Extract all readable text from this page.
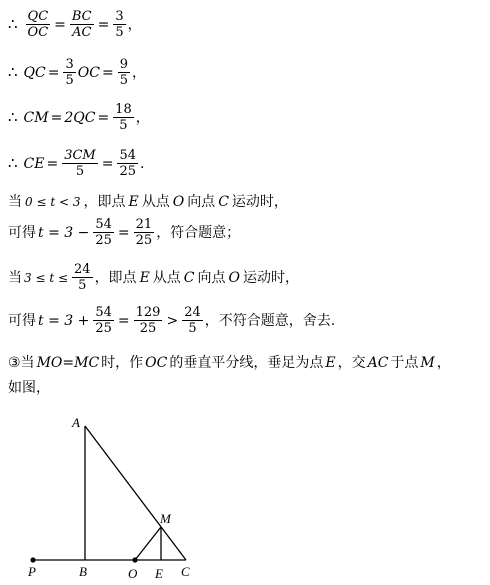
∴ $\frac{QC}{OC} = \frac{BC}{AC} = \frac{3}{5}$ ，
∴ QC = $\frac{3}{5}$ OC = $\frac{9}{5}$ ，
∴ CM = $2QC = \frac{18}{5}$ ，
∴ CE = $\frac{3CM}{5} = \frac{54}{25}$ .
当 0 ≤ t < 3 ，即点 E 从点 O 向点 C 运动时，
可得 $t = 3 - \frac{54}{25} = \frac{21}{25}$ ，符合题意；
当 $3 \le t \le \frac{24}{5}$ ，即点 E 从点 C 向点 O 运动时，
可得 $t = 3 + \frac{54}{25} = \frac{129}{25} > \frac{24}{5}$ ，不符合题意，舍去.
③当 MO=MC 时，作 OC 的垂直平分线，垂足为点 E ，交 AC 于点 M ，
如图，
A
M
P	B	O E C
